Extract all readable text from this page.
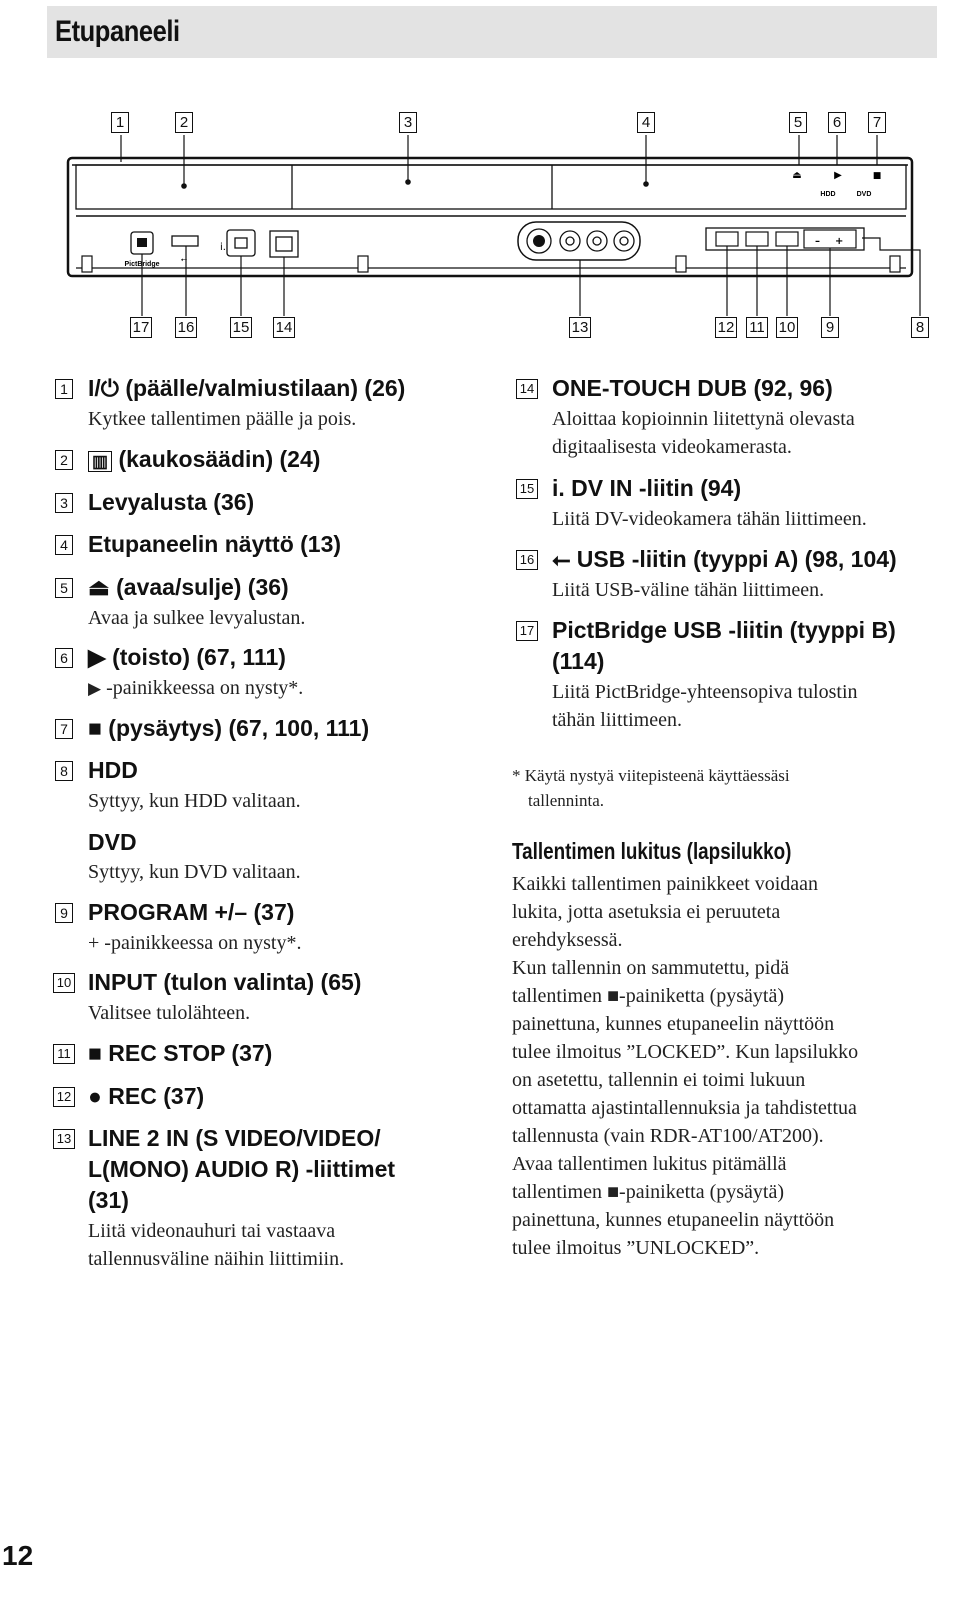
Etupaneeli
⏏	▶	■
HDD	DVD
PictBridge
⭠
i.
– +
1	2	3	4	5	6	7
17 16	15 14	13	12 11 10	9	8
1 I/⏻ (päälle/valmiustilaan) (26)
Kytkee tallentimen päälle ja pois.
2	▥ (kaukosäädin) (24)
3 Levyalusta (36)
4 Etupaneelin näyttö (13)
5 ⏏ (avaa/sulje) (36)
Avaa ja sulkee levyalustan.
6 ▶ (toisto) (67, 111)
▶ -painikkeessa on nysty*.
7 ■ (pysäytys) (67, 100, 111)
8 HDD
Syttyy, kun HDD valitaan.
DVD
Syttyy, kun DVD valitaan.
9 PROGRAM +/– (37)
+ -painikkeessa on nysty*.
10 INPUT (tulon valinta) (65)
Valitsee tulolähteen.
11 ■ REC STOP (37)
12 ● REC (37)
13 LINE 2 IN (S VIDEO/VIDEO/
L(MONO) AUDIO R) -liittimet
(31)
Liitä videonauhuri tai vastaava
tallennusväline näihin liittimiin.
14 ONE-TOUCH DUB (92, 96)
Aloittaa kopioinnin liitettynä olevasta
digitaalisesta videokamerasta.
15 i. DV IN -liitin (94)
Liitä DV-videokamera tähän liittimeen.
16 ⭠ USB -liitin (tyyppi A) (98, 104)
Liitä USB-väline tähän liittimeen.
17 PictBridge USB -liitin (tyyppi B)
(114)
Liitä PictBridge-yhteensopiva tulostin
tähän liittimeen.
* Käytä nystyä viitepisteenä käyttäessäsi
tallenninta.
Tallentimen lukitus (lapsilukko)
Kaikki tallentimen painikkeet voidaan
lukita, jotta asetuksia ei peruuteta
erehdyksessä.
Kun tallennin on sammutettu, pidä
tallentimen ■-painiketta (pysäytä)
painettuna, kunnes etupaneelin näyttöön
tulee ilmoitus ”LOCKED”. Kun lapsilukko
on asetettu, tallennin ei toimi lukuun
ottamatta ajastintallennuksia ja tahdistettua
tallennusta (vain RDR-AT100/AT200).
Avaa tallentimen lukitus pitämällä
tallentimen ■-painiketta (pysäytä)
painettuna, kunnes etupaneelin näyttöön
tulee ilmoitus ”UNLOCKED”.
12
